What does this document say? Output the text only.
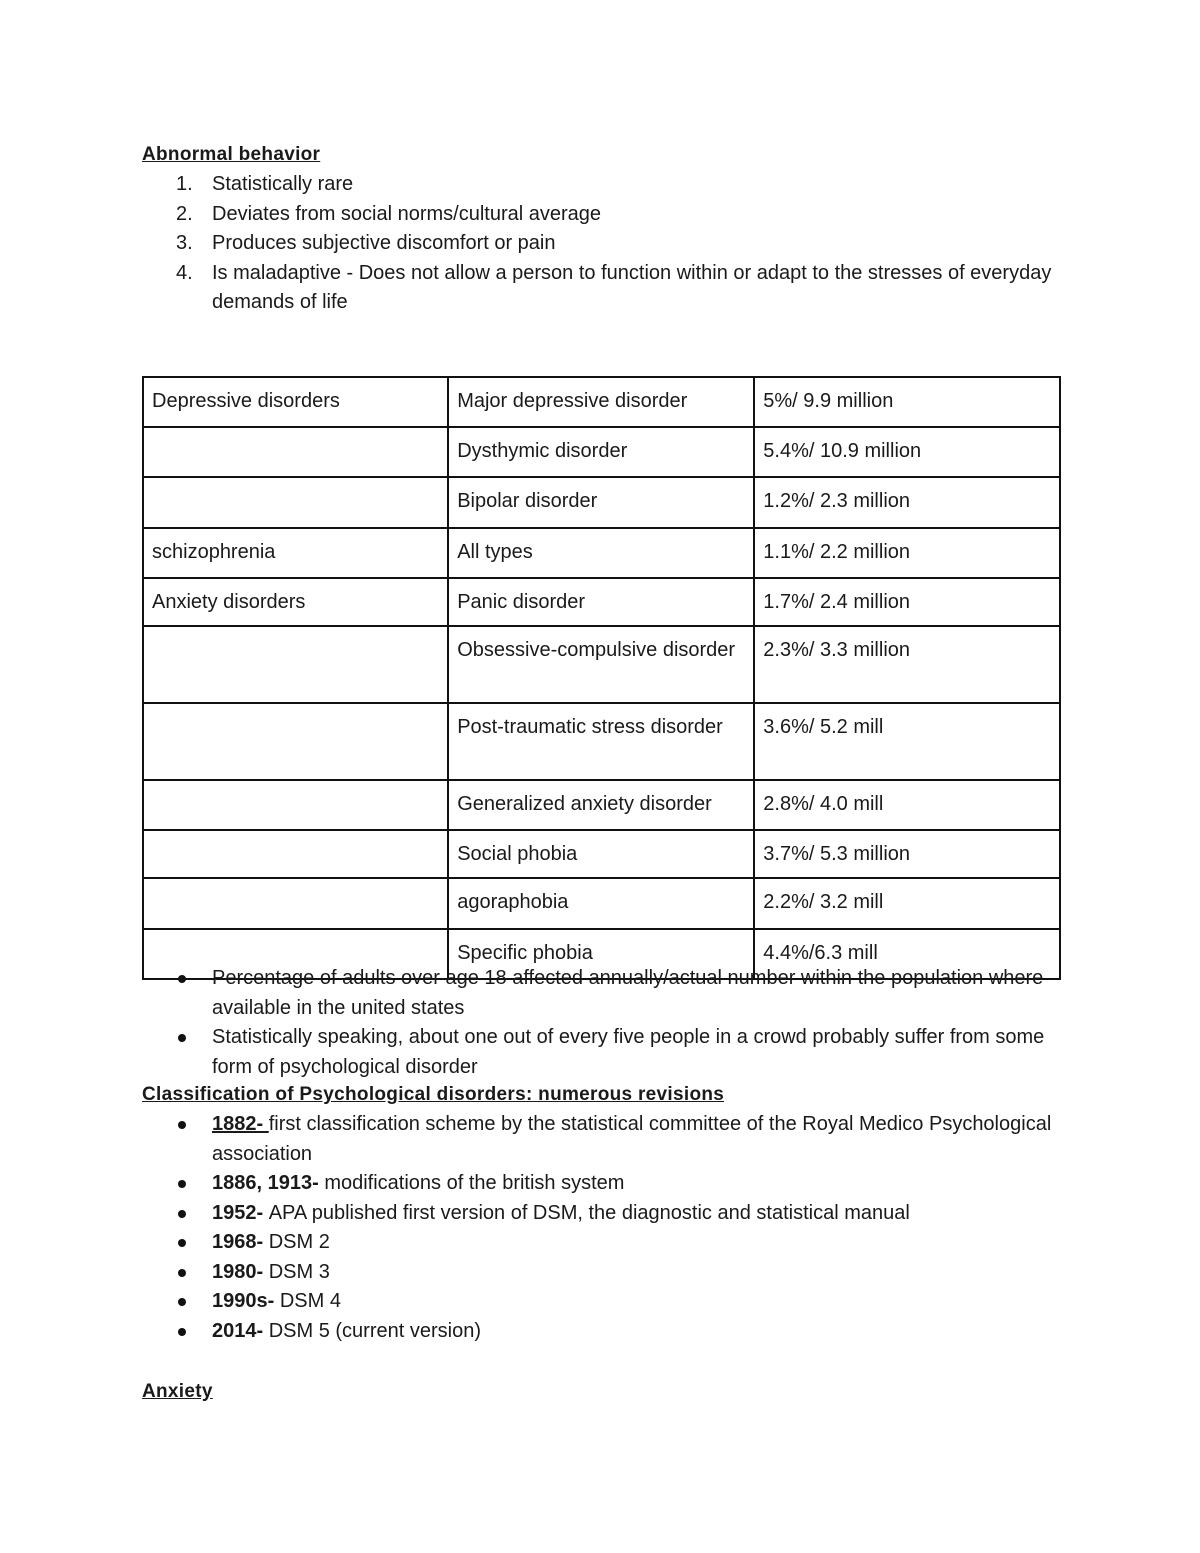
Abnormal behavior
1. Statistically rare
2. Deviates from social norms/cultural average
3. Produces subjective discomfort or pain
4. Is maladaptive - Does not allow a person to function within or adapt to the stresses of everyday demands of life
Depressive disorders	Major depressive disorder	5%/ 9.9 million
	Dysthymic disorder	5.4%/ 10.9 million
	Bipolar disorder	1.2%/ 2.3 million
schizophrenia	All types	1.1%/ 2.2 million
Anxiety disorders	Panic disorder	1.7%/ 2.4 million
	Obsessive-compulsive disorder	2.3%/ 3.3 million
	Post-traumatic stress disorder	3.6%/ 5.2 mill
	Generalized anxiety disorder	2.8%/ 4.0 mill
	Social phobia	3.7%/ 5.3 million
	agoraphobia	2.2%/ 3.2 mill
	Specific phobia	4.4%/6.3 mill
Percentage of adults over age 18 affected annually/actual number within the population where available in the united states
Statistically speaking, about one out of every five people in a crowd probably suffer from some form of psychological disorder
Classification of Psychological disorders: numerous revisions
1882- first classification scheme by the statistical committee of the Royal Medico Psychological association
1886, 1913- modifications of the british system
1952- APA published first version of DSM, the diagnostic and statistical manual
1968- DSM 2
1980- DSM 3
1990s- DSM 4
2014- DSM 5 (current version)
Anxiety
